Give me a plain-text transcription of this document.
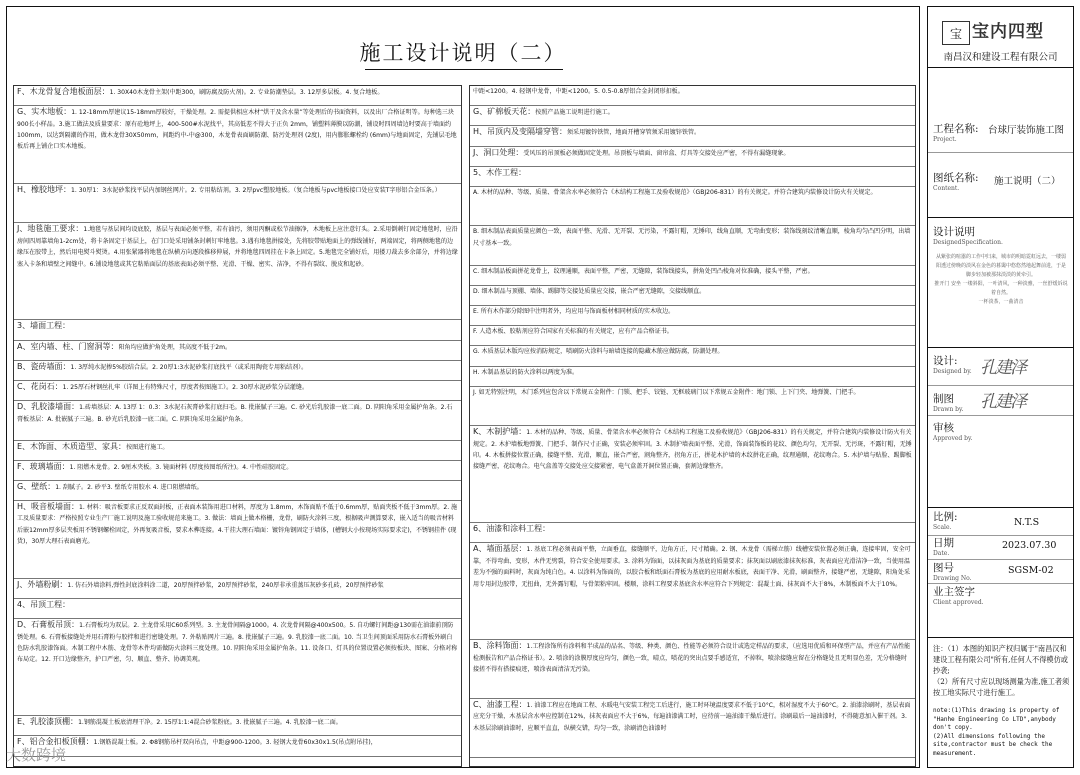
施工设计说明（二）
F、木龙骨复合地板面层：1. 30X40木龙骨主架(中距300，刷防腐及防火剂)。2. 专业防潮垫层。3. 12厚多层板。4. 复合地板。
G、实木地板：1. 12-18mm厚建议15-18mm厚较好，干燥处理。2. 需提供相应木材“烘干及含水量”等处理后的书面资料，以及出厂合格证明等。每种选三块900长小样品。3.施工做法及质量要求：原有砼地坪上，400-500#水泥找平，其高低差不得大于正负 2mm，铺塑料薄膜以防潮，铺设时四周墙边时要高于墙面约 100mm，以达到隔潮的作用，做木龙骨30X50mm，间距约中-中@300，木龙骨表面刷防潮、防污处理剂 (2度)，用内膨胀螺栓约 (6mm)与地面固定，先铺层毛地板后再上铺企口实木地板。
H、橡胶地坪：1. 30厚1：3水泥砂浆找平层内加钢丝网片。2. 专用粘结剂。3. 2厚pvc塑胶地板。（复合地板与pvc地板接口处应安装T字形铝合金压条。）
J、地毯施工要求：1.地毯与基层间均设底胶，基层与表面必须平整，若有油污，须用丙酮或松节油擦净，木地板上应注意钉头。2.采用倒刺钉固定地毯时，应沿房间四周靠墙角1-2cm处，将卡条固定于基层上，在门口处采用铺条封刺钉牢地毯。3.遇有地毯拼接处，先将胶带贴地面上的弹线铺好，两端固定，将两侧地毯的边缘压在胶带上，然后用电熨斗熨烫。4.用张紧器将地毯在纵横方向逐段推移伸展，并将地毯四周挂在卡条上固定。5.地毯完全铺好后，用搂刀裁去多余部分，并将边缘塞入卡条和墙壁之间缝中。6.铺设地毯或其它粘贴面层的基底表面必须平整、光滑、干燥、密实、洁净，不得有裂纹、脱皮和起砂。
3、墙面工程：
A、室内墙、柱、门窗洞等：阳角均应做护角处理，其高度不低于2m。
B、瓷砖墙面：1. 3厚纯水泥掺5%胶结合层。2. 20厚1:3水泥砂浆打底找平（或采用陶瓷专用粘结剂）。
C、花岗石：1. 25厚石材钢丝扎牢（详图上有特殊尺寸，厚度者按图施工）。2. 30厚水泥砂浆分层灌缝。
D、乳胶漆墙面：1.砖墙基层：A. 13厚 1：0.3：3水泥石灰膏砂浆打底扫毛。B. 批嵌腻子三遍。C. 砂光后乳胶漆一底二面。D. 阴阳角采用金属护角条。2.石膏板基层：A. 批嵌腻子三遍。B. 砂光后乳胶漆一底二面。C. 阴阳角采用金属护角条。
E、木饰面、木质造型、家具：按图进行施工。
F、玻璃墙面：1. 阻燃木龙骨。2. 9厘木夹板。3. 镜面材料 (厚度按图纸所注)。4. 中性硅胶固定。
G、壁纸：1. 刮腻子。2. 砂平3. 壁纸专用胶水 4. 进口阻燃墙纸。
H、吸音板墙面：1. 材料：吸音板要求正反双面封板，正表面木装饰用进口材料，厚度为 1.8mm，木饰面贴不低于0.6mm厚，贴面夹板不低于3mm厚。2. 施工及质量要求：严格按照专业生产厂施工说明及施工验收规范来施工。3. 做法：墙面上做木格栅，龙骨，刷防火涂料三度，根据吸声测算要求，嵌入适当的吸音材料后嵌12mm厚多层夹板用不锈钢螺栓固定，外再复吸音板，要求木榫连接。4.干挂大理石墙面：镀锌角钢固定于墙体，(槽钢大小按现场实际要求定)，不锈钢挂件 (现货)，30厚大理石表面磨光。
J、外墙粉刷：1. 仿石外墙涂料,弹性封底涂料涂二道，20厚预拌砂浆，20厚预拌砂浆，240厚非承重蒸压灰砂多孔砖，20厚预拌砂浆
4、吊顶工程：
D、石膏板吊顶：1.石膏板均为双层。2. 主龙骨采用C60系列型。3. 主龙骨间隔@1000。4. 次龙骨间隔@400x500。5. 自功螺钉间距@130需在油漆前顶防锈处理。6. 石膏板接缝处并用石膏粉与胶拌和进行密缝处理。7. 外粘贴网片三遍。8. 批嵌腻子三遍。9. 乳胶漆一底二面。10. 当卫生间顶面采用防水石膏板外刷白色防水乳胶漆饰面。木制工程中木筋、龙骨等木件均需做防火涂料三度处理。10. 阴阳角采用金属护角条。11. 设备口、灯具的位置设置必须按板块、图案、分格对称布局定。12. 开口边缘整齐，护口严密，匀、顺直、整齐、协调美观。
E、乳胶漆顶棚：1.钢筋混凝土板底清理干净。2. 15厚1:1:4混合砂浆粉底。3. 批嵌腻子三遍。4. 乳胶漆一底二面。
F、铝合金扣板顶棚：1.钢筋混凝土板。2. Φ8钢筋吊杆双向吊点，中距@900-1200。3. 轻钢大龙骨60x30x1.5(吊点附吊挂)，
中距<1200。4. 轻钢中龙骨，中距<1200。5. 0.5-0.8厚铝合金封闭形扣板。
G、矿棉板天花：按照产品施工说明进行施工。
H、吊顶内及变隔墙穿管：须采用镀锌铁管，地面开槽穿管须采用镀锌铁管。
J、洞口处理：受风压的吊顶板必须做固定处理。吊顶板与墙面、窗帘盒、灯具等交接处应严密，不得有漏缝现象。
5、木作工程：
A. 木材的品种、等级、质量、骨架含水率必须符合《木结构工程施工及验收规范》（GBJ206-831）的有关规定。并符合建筑内装修设计防火有关规定。
B. 细木制品表面质量应颜色一致，表面平整、光滑、无开裂、无污染，不露钉帽，无锤印，线角直顺，无弯曲变形；装饰线刻纹清晰直顺，棱角均匀凸凹分明，出墙尺寸基本一致。
C. 细木制品板面拼花龙骨上，纹理通顺，表面平整，严密，无缝隙，装饰线接头，拼角处凹凸棱角对位准确，接头平整，严密。
D. 细木制品与顶棚、墙体、踢脚等交接处质量应交接，嵌合严密无缝隙，交接线顺直。
E. 所有木作部分除图中注明者外，均应用与饰面板材相同材质的实木收边。
F. 人造木板、胶粘剂应符合国家有关标准的有关规定，应有产品合格证书。
G. 木质基层木版均应按消防规定，喷刷防火涂料与暗墙连接的隐藏木筋应做防腐，防潮处理。
H. 木制品基层的防火涂料以两度为准。
J. 如无特别注明，木门系列应包含以下常规五金附件：门锁、把手、铰链、无框玻璃门以下常规五金附件：地门锁、上下门夹、地弹簧、门把手。
K、木制护墙：1. 木材的品种、等级、质量、骨架含水率必须符合《木结构工程施工及验收规范》（GBJ206-831）的有关规定，并符合建筑内装修设计防火有关规定。2. 木护墙板地弹簧、门把手、制作尺寸正确，安装必须牢固。3. 木制护墙表面平整、光滑，饰面装饰板的花纹、颜色均匀，无开裂、无污斑，不露钉帽，无锤印。4. 木板拼接位置正确，接缝平整、光滑，顺直，嵌合严密，割角整齐，拐角方正，拼花木护墙的木纹拼花正确，纹理通顺，花纹吻合。5. 木护墙与贴脸、踢脚板接缝严密，花纹吻合。电气盒盖等交接处应交接紧密，电气盒盖开洞位置正确，套割边缘整齐。
6、油漆和涂料工程：
A、墙面基层：1. 基底工程必须表面平整，立面垂直，接缝顺平，边角方正，尺寸精确。2. 钢、木龙骨（需梯立筋）线槽安装位置必须正确，连接牢固，安全可靠，不得弯曲、变形，木件无劈裂，符合安全使用要求。3. 涂料为饰面，以抹灰面为基底的质量要求；抹灰面以刷底漆抹灰标准，灰表面应光滑洁净一致，当使用温差为不强的面料时，灰面为纯白色。4. 以涂料为饰面的，以胶合板和纸面石膏板为基底的应用耐水板底，表面干净、光滑，刷面整齐，接缝严密，无缝隙，阳角处采用专用封边胶带，无扭曲，无外露钉帽，与骨架粘牢固。楼顺，涂料工程要求基底含水率应符合下列规定：混凝土面、抹灰面不大于8%，木制板面不大于10%。
B、涂料饰面：1.工程涂饰所有涂料和半成品的品名、等级、种类、颜色、性能等必须符合设计或选定样品的要求，（应选用优质和环保型产品，并应有产品性能检测报告和产品合格证书）。2. 喷涂的涂膜厚度应均匀，颜色一致，晴点，喷花的突出点要手感适宜，不掉粒，喷涂接缝应留在分格缝处且无明显色差，无分格缝时接搓不得有搭接痕迹，喷涂表面清洁无污染。
C、油漆工程：1. 油漆工程应在地面工程、水暖电气安装工程完工后进行，施工时环境温度要求不低于10°C，相对湿度不大于60°C。2. 油漆涂刷时，基层表面应充分干燥，木基层含水率应控制在12%，抹灰表面应不大于6%，每遍油漆满工时，应待前一遍油漆干燥后进行。涂刷最后一遍油漆时，不得随意加入催干剂。3. 木基层涂刷油漆时，应顺平直直，纵横交错，均匀一致，涂刷清色油漆时
宝 宝内四型
南昌汉和建设工程有限公司
工程名称:
Project.
台球厅装饰施工图
图纸名称:
Content.
施工说明（二）
设计说明
DesignedSpecification.
从紫张的喧嚣的工作中归来，城市的明暗霓虹远去，一缕弱阳透过傍晚的淡风在金色的暮霭中悠悠然地起舞前进，于是脚步轻加被那抹淡淡的黄牵引。
推开门 安坐 一缕斜阳，一叶清风，一种淡雅，一丝舒缓诉说着自然。
一杯淡茶，一曲清音
设计:
Designed by. 孔建泽
制图
Drawn by. 孔建泽
审核
Approved by.
比例:
Scale.	N.T.S
日期
Date.
2023.07.30
图号
Drawing No.
SGSM-02
业主签字
Client approved.
注：（1）本图的知识产权归属于"南昌汉和建设工程有限公司"所有,任何人不得模仿或抄袭;
（2）所有尺寸应以现场测量为准,施工者须按工地实际尺寸进行施工。
note:(1)This drawing is property of "Hanhe Engineering Co LTD",anybody don't copy.
(2)All dimensions following the site,contractor must be check the measurement.
大数跨境
